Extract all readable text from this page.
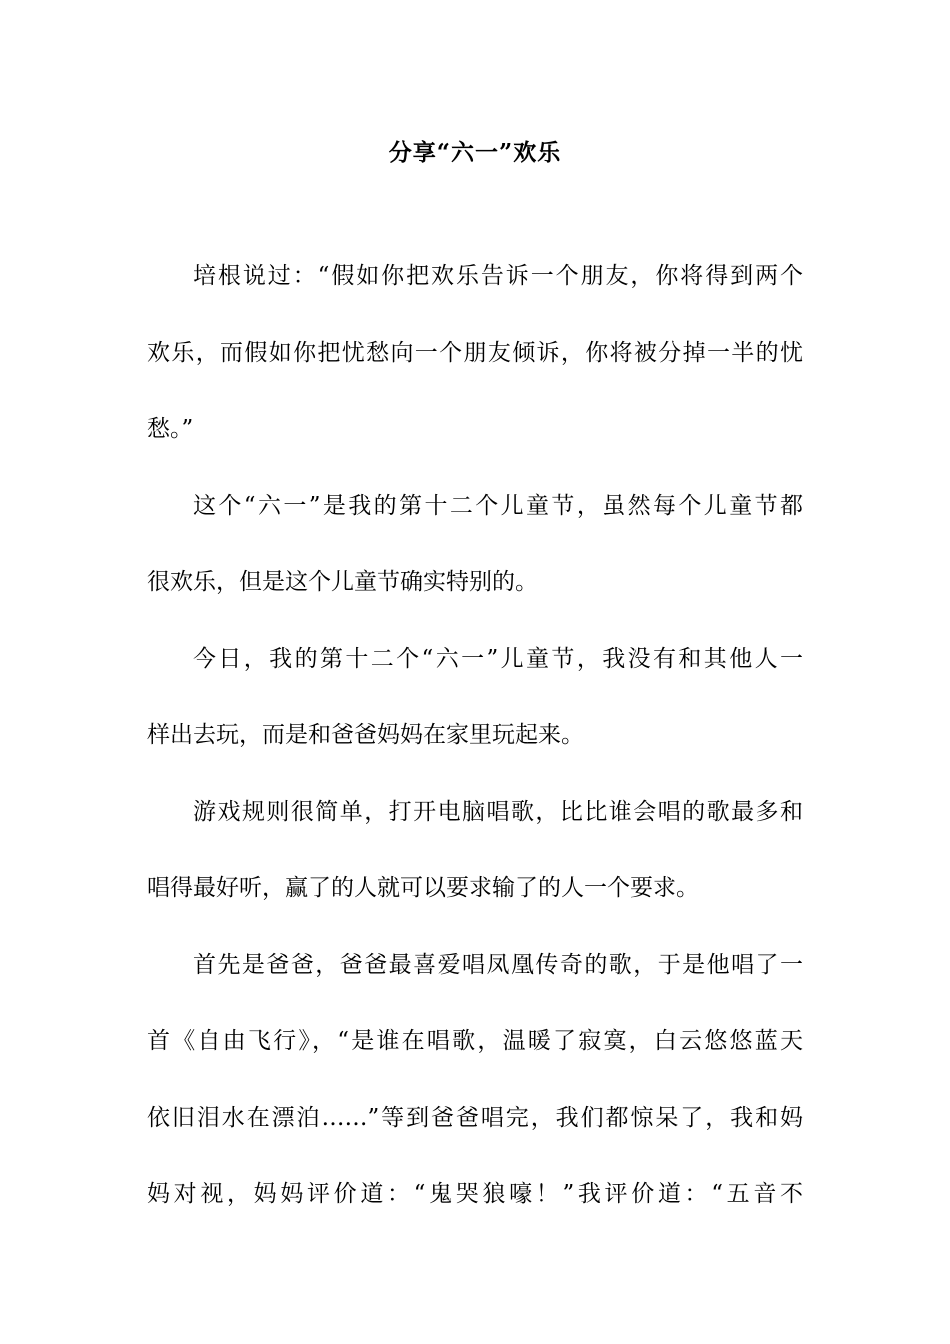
分享“六一”欢乐
培根说过：“假如你把欢乐告诉一个朋友，你将得到两个
欢乐，而假如你把忧愁向一个朋友倾诉，你将被分掉一半的忧
愁。”
这个“六一”是我的第十二个儿童节，虽然每个儿童节都
很欢乐，但是这个儿童节确实特别的。
今日，我的第十二个“六一”儿童节，我没有和其他人一
样出去玩，而是和爸爸妈妈在家里玩起来。
游戏规则很简单，打开电脑唱歌，比比谁会唱的歌最多和
唱得最好听，赢了的人就可以要求输了的人一个要求。
首先是爸爸，爸爸最喜爱唱凤凰传奇的歌，于是他唱了一
首《自由飞行》，“是谁在唱歌，温暖了寂寞，白云悠悠蓝天
依旧泪水在漂泊……”等到爸爸唱完，我们都惊呆了，我和妈
妈对视，妈妈评价道：“鬼哭狼嚎！”我评价道：“五音不
